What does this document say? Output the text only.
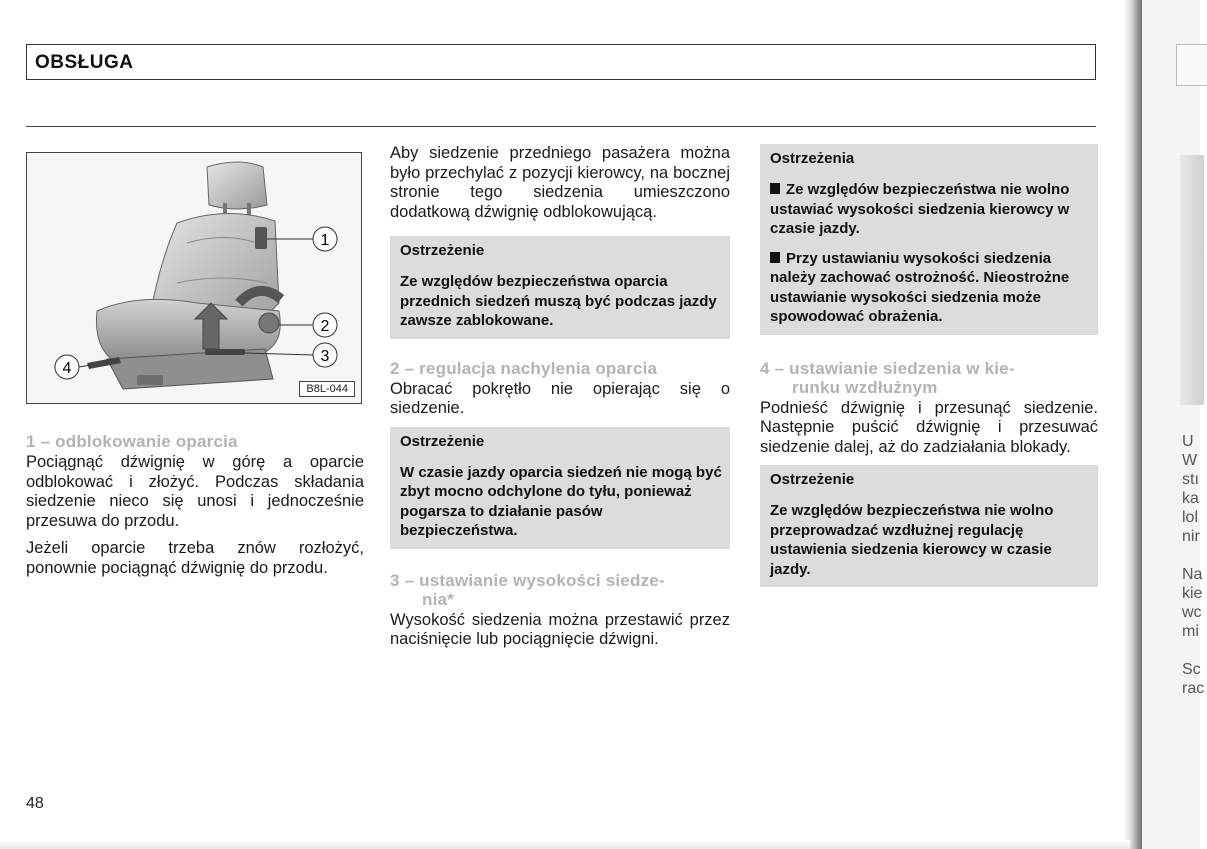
U
W
stı
ka
lol
nir

Na
kie
wc
mi

Sc
rac
OBSŁUGA
1
2
3
4
B8L-044
1 – odblokowanie oparcia

Pociągnąć dźwignię w górę a oparcie odblokować i złożyć. Podczas składania siedzenie nieco się unosi i jednocześnie przesuwa do przodu.

Jeżeli oparcie trzeba znów rozłożyć, ponownie pociągnąć dźwignię do przodu.

Aby siedzenie przedniego pasażera można było przechylać z pozycji kierowcy, na bocznej stronie tego siedzenia umieszczono dodatkową dźwignię odblokowującą.

Ostrzeżenie
Ze względów bezpieczeństwa oparcia przednich siedzeń muszą być podczas jazdy zawsze zablokowane.
2 – regulacja nachylenia oparcia

Obracać pokrętło nie opierając się o siedzenie.

Ostrzeżenie
W czasie jazdy oparcia siedzeń nie mogą być zbyt mocno odchylone do tyłu, ponieważ pogarsza to działanie pasów bezpieczeństwa.
3 – ustawianie wysokości siedze-
nia*

Wysokość siedzenia można przestawić przez naciśnięcie lub pociągnięcie dźwigni.

Ostrzeżenia
Ze względów bezpieczeństwa nie wolno ustawiać wysokości siedzenia kierowcy w czasie jazdy.
Przy ustawianiu wysokości siedzenia należy zachować ostrożność. Nieostrożne ustawianie wysokości siedzenia może spowodować obrażenia.
4 – ustawianie siedzenia w kie-
runku wzdłużnym

Podnieść dźwignię i przesunąć siedzenie. Następnie puścić dźwignię i przesuwać siedzenie dalej, aż do zadziałania blokady.

Ostrzeżenie
Ze względów bezpieczeństwa nie wolno przeprowadzać wzdłużnej regulację ustawienia siedzenia kierowcy w czasie jazdy.
48
